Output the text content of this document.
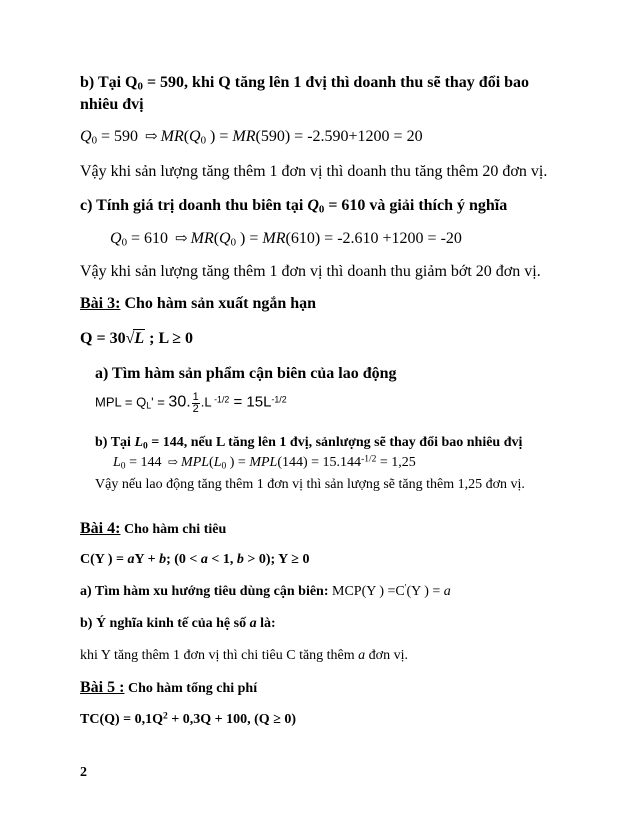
b) Tại $Q_0 = 590$, khi Q tăng lên 1 đvị thì doanh thu sẽ thay đổi bao
nhiêu đvị
$Q_0 = 590$ ⇨ $MR(Q_0$ ) = MR(590) = -2.590+1200 = 20
Vậy khi sản lượng tăng thêm 1 đơn vị thì doanh thu tăng thêm 20 đơn vị.
c) Tính giá trị doanh thu biên tại $Q_0 = 610$ và giải thích ý nghĩa
$Q_0 = 610$ ⇨ $MR(Q_0$ ) = MR(610) = -2.610 +1200 = -20
Vậy khi sản lượng tăng thêm 1 đơn vị thì doanh thu giảm bớt 20 đơn vị.
Bài 3: Cho hàm sản xuất ngắn hạn
Q = 30√L ; L ≥ 0
a) Tìm hàm sản phẩm cận biên của lao động
MPL = $Q_L' = 30$. $\frac{1}{2} .L$ $^{-1/2} = 15L^{-1/2}$
b) Tại $L_0 = 144$, nếu L tăng lên 1 đvị, sảnlượng sẽ thay đổi bao nhiêu đvị
$L_0 = 144$ ⇨ $MPL(L_0$ ) = $MPL(144) = 15.144^{-1/2} = 1,25$
Vậy nếu lao động tăng thêm 1 đơn vị thì sản lượng sẽ tăng thêm 1,25 đơn vị.
Bài 4: Cho hàm chi tiêu
C(Y ) = aY + b; (0 < a < 1, b > 0); Y ≥ 0
a) Tìm hàm xu hướng tiêu dùng cận biên: MCP(Y ) =C'(Y ) = a
b) Ý nghĩa kinh tế của hệ số a là:
khi Y tăng thêm 1 đơn vị thì chi tiêu C tăng thêm a đơn vị.
Bài 5 : Cho hàm tổng chi phí
$TC(Q) = 0,1Q^2 + 0,3Q + 100$, (Q ≥ 0)
2
